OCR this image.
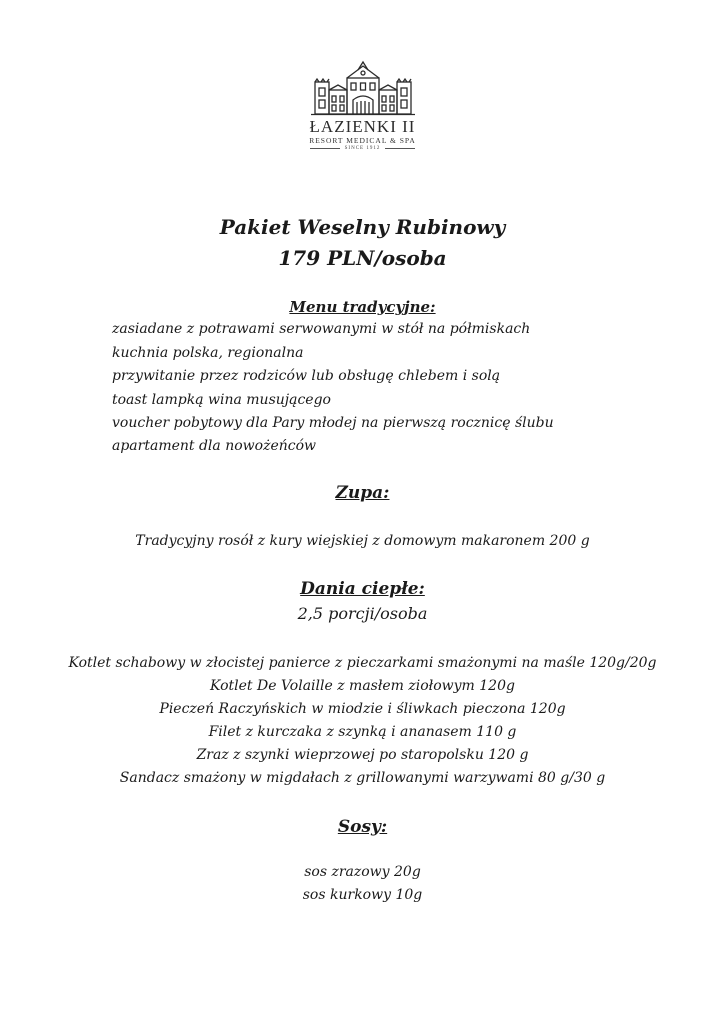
ŁAZIENKI II
RESORT MEDICAL & SPA
SINCE 1912
Pakiet Weselny Rubinowy
179 PLN/osoba
Menu tradycyjne:
zasiadane z potrawami serwowanymi w stół na półmiskach
kuchnia polska, regionalna
przywitanie przez rodziców lub obsługę chlebem i solą
toast lampką wina musującego
voucher pobytowy dla Pary młodej na pierwszą rocznicę ślubu
apartament dla nowożeńców
Zupa:
Tradycyjny rosół z kury wiejskiej z domowym makaronem 200 g
Dania ciepłe:
2,5 porcji/osoba
Kotlet schabowy w złocistej panierce z pieczarkami smażonymi na maśle 120g/20g
Kotlet De Volaille z masłem ziołowym 120g
Pieczeń Raczyńskich w miodzie i śliwkach pieczona 120g
Filet z kurczaka z szynką i ananasem 110 g
Zraz z szynki wieprzowej po staropolsku 120 g
Sandacz smażony w migdałach z grillowanymi warzywami 80 g/30 g
Sosy:
sos zrazowy 20g
sos kurkowy 10g
